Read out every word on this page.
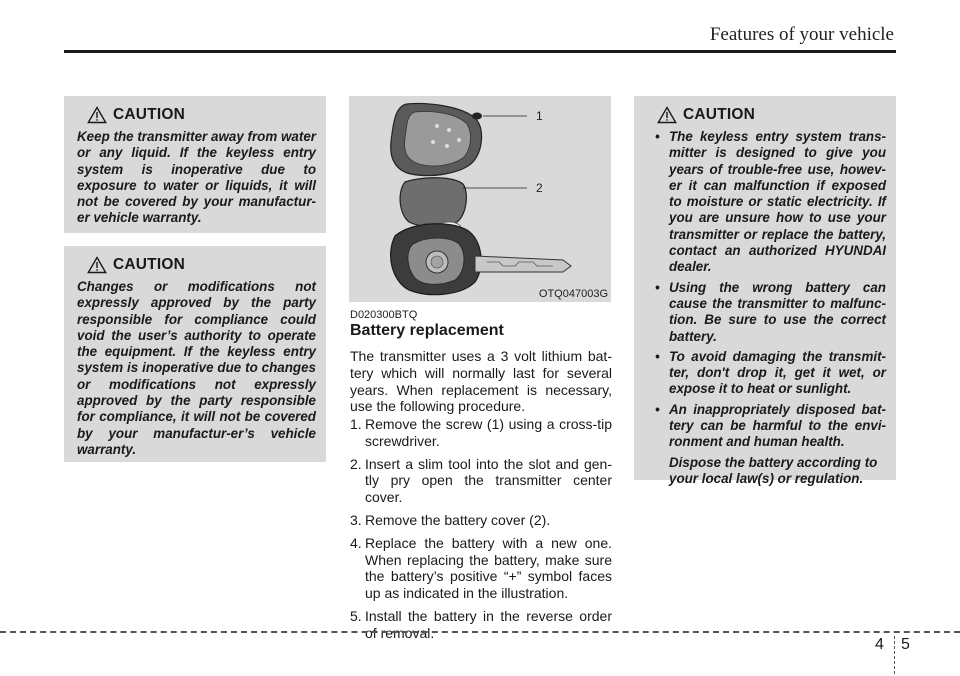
Features of your vehicle
CAUTION
Keep the transmitter away from water or any liquid. If the keyless entry system is inoperative due to exposure to water or liquids, it will not be covered by your manufactur-er vehicle warranty.
CAUTION
Changes or modifications not expressly approved by the party responsible for compliance could void the user’s authority to operate the equipment. If the keyless entry system is inoperative due to changes or modifications not expressly approved by the party responsible for compliance, it will not be covered by your manufactur-er’s vehicle warranty.
1
2
OTQ047003G
D020300BTQ
Battery replacement
The transmitter uses a 3 volt lithium bat-tery which will normally last for several years. When replacement is necessary, use the following procedure.
1. Remove the screw (1) using a cross-tip screwdriver.
2. Insert a slim tool into the slot and gen-tly pry open the transmitter center cover.
3. Remove the battery cover (2).
4. Replace the battery with a new one. When replacing the battery, make sure the battery’s positive “+” symbol faces up as indicated in the illustration.
5. Install the battery in the reverse order of removal.
CAUTION
• The keyless entry system trans-mitter is designed to give you years of trouble-free use, howev-er it can malfunction if exposed to moisture or static electricity. If you are unsure how to use your transmitter or replace the battery, contact an authorized HYUNDAI dealer.
• Using the wrong battery can cause the transmitter to malfunc-tion. Be sure to use the correct battery.
• To avoid damaging the transmit-ter, don't drop it, get it wet, or expose it to heat or sunlight.
• An inappropriately disposed bat-tery can be harmful to the envi-ronment and human health.
Dispose the battery according to your local law(s) or regulation.
4 5
